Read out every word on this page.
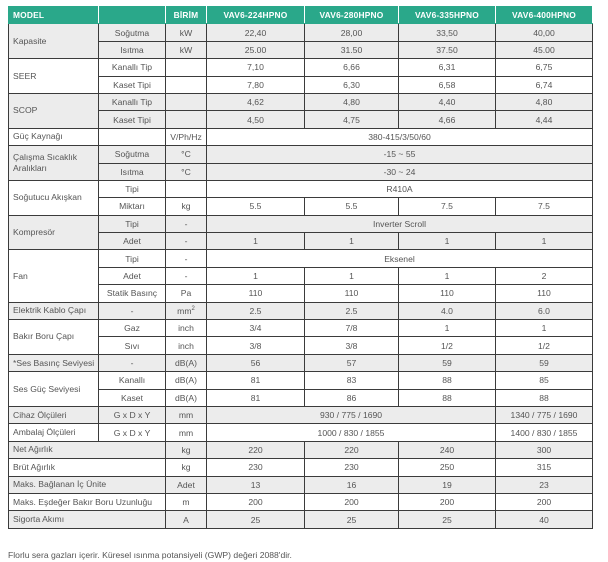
MODEL		BİRİM	VAV6-224HPNO	VAV6-280HPNO	VAV6-335HPNO	VAV6-400HPNO
Kapasite	Soğutma	kW	22,40	28,00	33,50	40,00
	Isıtma	kW	25.00	31.50	37.50	45.00
SEER	Kanallı Tip		7,10	6,66	6,31	6,75
	Kaset Tipi		7,80	6,30	6,58	6,74
SCOP	Kanallı Tip		4,62	4,80	4,40	4,80
	Kaset Tipi		4,50	4,75	4,66	4,44
Güç Kaynağı		V/Ph/Hz	380-415/3/50/60			
Çalışma Sıcaklık Aralıkları	Soğutma	°C	-15 ~ 55			
	Isıtma	°C	-30 ~ 24			
Soğutucu Akışkan	Tipi		R410A			
	Miktarı	kg	5.5	5.5	7.5	7.5
Kompresör	Tipi	-	Inverter Scroll			
	Adet	-	1	1	1	1
Fan	Tipi	-	Eksenel			
	Adet	-	1	1	1	2
	Statik Basınç	Pa	110	110	110	110
Elektrik Kablo Çapı	-	$mm^2$	2.5	2.5	4.0	6.0
Bakır Boru Çapı	Gaz	inch	3/4	7/8	1	1
	Sıvı	inch	3/8	3/8	1/2	1/2
*Ses Basınç Seviyesi	-	dB(A)	56	57	59	59
Ses Güç Seviyesi	Kanallı	dB(A)	81	83	88	85
	Kaset	dB(A)	81	86	88	88
Cihaz Ölçüleri	G x D x Y	mm	930 / 775 / 1690			1340 / 775 / 1690
Ambalaj Ölçüleri	G x D x Y	mm	1000 / 830 / 1855			1400 / 830 / 1855
Net Ağırlık		kg	220	220	240	300
Brüt Ağırlık		kg	230	230	250	315
Maks. Bağlanan İç Ünite		Adet	13	16	19	23
Maks. Eşdeğer Bakır Boru Uzunluğu		m	200	200	200	200
Sigorta Akımı		A	25	25	25	40
Florlu sera gazları içerir. Küresel ısınma potansiyeli (GWP) değeri 2088'dir.
